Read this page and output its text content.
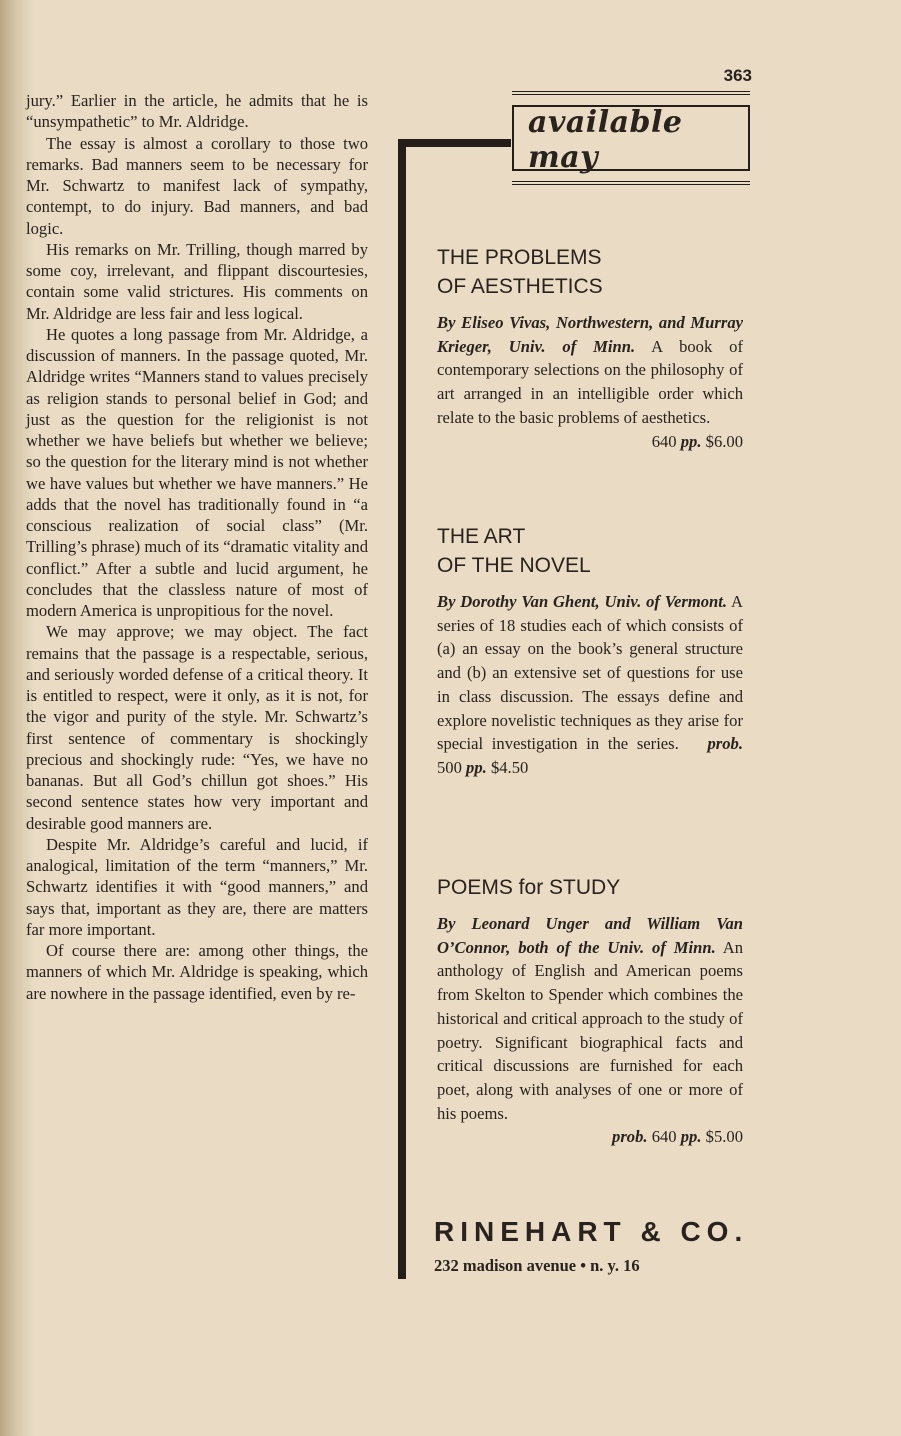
363

jury.” Earlier in the article, he admits that he is “unsympathetic” to Mr. Aldridge.

The essay is almost a corollary to those two remarks. Bad manners seem to be necessary for Mr. Schwartz to manifest lack of sympathy, contempt, to do injury. Bad manners, and bad logic.

His remarks on Mr. Trilling, though marred by some coy, irrelevant, and flippant discourtesies, contain some valid strictures. His comments on Mr. Aldridge are less fair and less logical.

He quotes a long passage from Mr. Aldridge, a discussion of manners. In the passage quoted, Mr. Aldridge writes “Manners stand to values precisely as religion stands to personal belief in God; and just as the question for the religionist is not whether we have beliefs but whether we believe; so the question for the literary mind is not whether we have values but whether we have manners.” He adds that the novel has traditionally found in “a conscious realization of social class” (Mr. Trilling’s phrase) much of its “dramatic vitality and conflict.” After a subtle and lucid argument, he concludes that the classless nature of most of modern America is unpropitious for the novel.

We may approve; we may object. The fact remains that the passage is a respectable, serious, and seriously worded defense of a critical theory. It is entitled to respect, were it only, as it is not, for the vigor and purity of the style. Mr. Schwartz’s first sentence of commentary is shockingly precious and shockingly rude: “Yes, we have no bananas. But all God’s chillun got shoes.” His second sentence states how very important and desirable good manners are.

Despite Mr. Aldridge’s careful and lucid, if analogical, limitation of the term “manners,” Mr. Schwartz identifies it with “good manners,” and says that, important as they are, there are matters far more important.

Of course there are: among other things, the manners of which Mr. Aldridge is speaking, which are nowhere in the passage identified, even by re-

available may
THE PROBLEMS
OF AESTHETICS
By Eliseo Vivas, Northwestern, and Murray Krieger, Univ. of Minn. A book of contemporary selections on the philosophy of art arranged in an intelligible order which relate to the basic problems of aesthetics.
640 pp. $6.00
THE ART
OF THE NOVEL
By Dorothy Van Ghent, Univ. of Vermont. A series of 18 studies each of which consists of (a) an essay on the book’s general structure and (b) an extensive set of questions for use in class discussion. The essays define and explore novelistic techniques as they arise for special investigation in the series. prob. 500 pp. $4.50
POEMS for STUDY
By Leonard Unger and William Van O’Connor, both of the Univ. of Minn. An anthology of English and American poems from Skelton to Spender which combines the historical and critical approach to the study of poetry. Significant biographical facts and critical discussions are furnished for each poet, along with analyses of one or more of his poems.
prob. 640 pp. $5.00
RINEHART & CO.
232 madison avenue • n. y. 16
